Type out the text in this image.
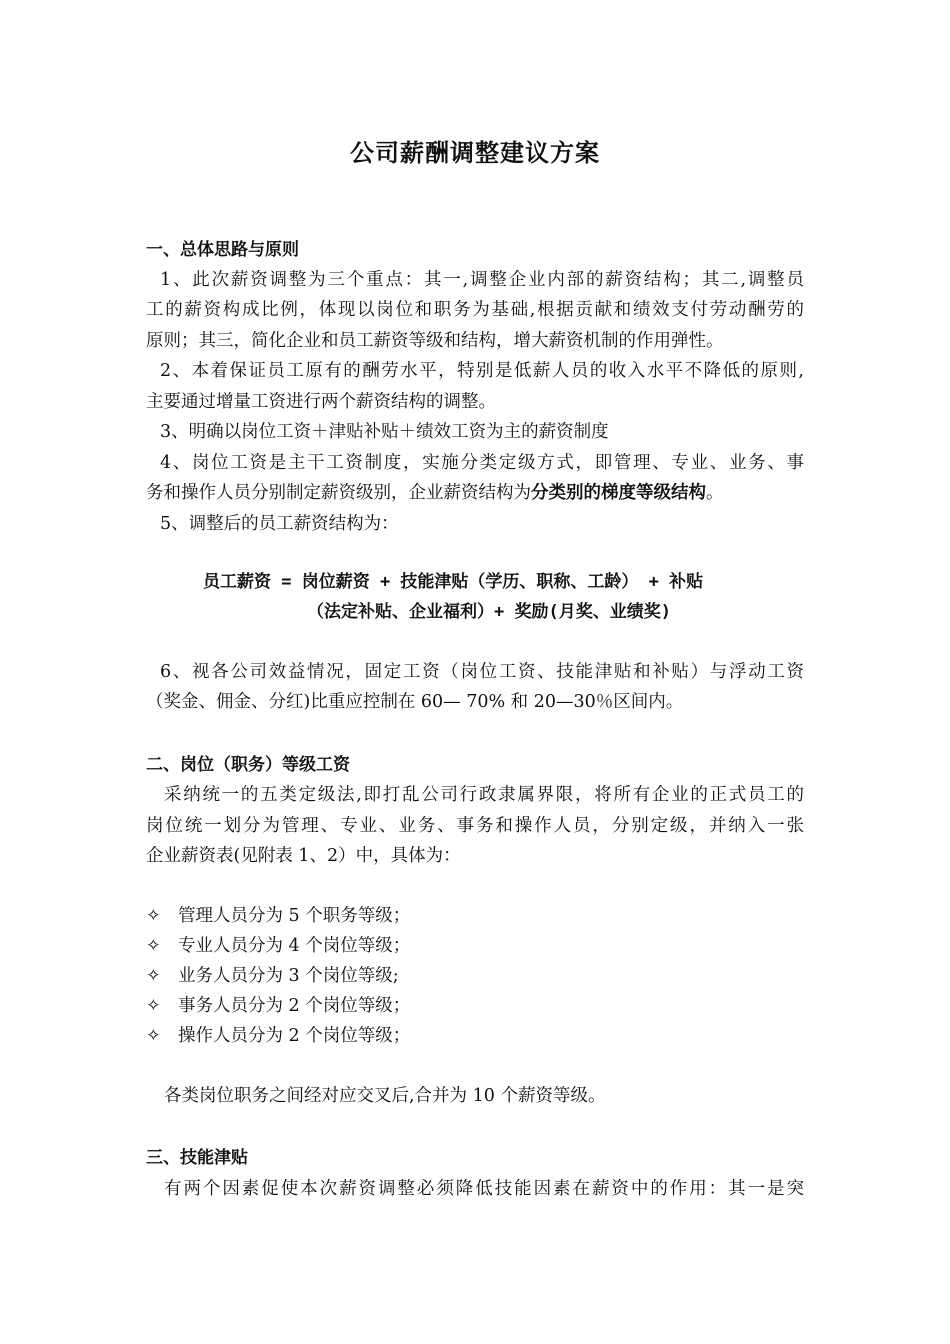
公司薪酬调整建议方案
一、总体思路与原则
1、此次薪资调整为三个重点：其一,调整企业内部的薪资结构；其二,调整员
工的薪资构成比例，体现以岗位和职务为基础,根据贡献和绩效支付劳动酬劳的
原则；其三，简化企业和员工薪资等级和结构，增大薪资机制的作用弹性。
2、本着保证员工原有的酬劳水平，特别是低薪人员的收入水平不降低的原则,
主要通过增量工资进行两个薪资结构的调整。
3、明确以岗位工资＋津贴补贴＋绩效工资为主的薪资制度
4、岗位工资是主干工资制度，实施分类定级方式，即管理、专业、业务、事
务和操作人员分别制定薪资级别，企业薪资结构为分类别的梯度等级结构。
5、调整后的员工薪资结构为：
员工薪资 = 岗位薪资 + 技能津贴（学历、职称、工龄） + 补贴
（法定补贴、企业福利）+ 奖励(月奖、业绩奖)
6、视各公司效益情况，固定工资（岗位工资、技能津贴和补贴）与浮动工资
（奖金、佣金、分红)比重应控制在 60— 70% 和 20—30％区间内。
二、岗位（职务）等级工资
采纳统一的五类定级法,即打乱公司行政隶属界限，将所有企业的正式员工的
岗位统一划分为管理、专业、业务、事务和操作人员，分别定级，并纳入一张
企业薪资表(见附表 1、2）中，具体为：
✧ 管理人员分为 5 个职务等级；
✧ 专业人员分为 4 个岗位等级；
✧ 业务人员分为 3 个岗位等级;
✧ 事务人员分为 2 个岗位等级；
✧ 操作人员分为 2 个岗位等级；
各类岗位职务之间经对应交叉后,合并为 10 个薪资等级。
三、技能津贴
有两个因素促使本次薪资调整必须降低技能因素在薪资中的作用：其一是突
